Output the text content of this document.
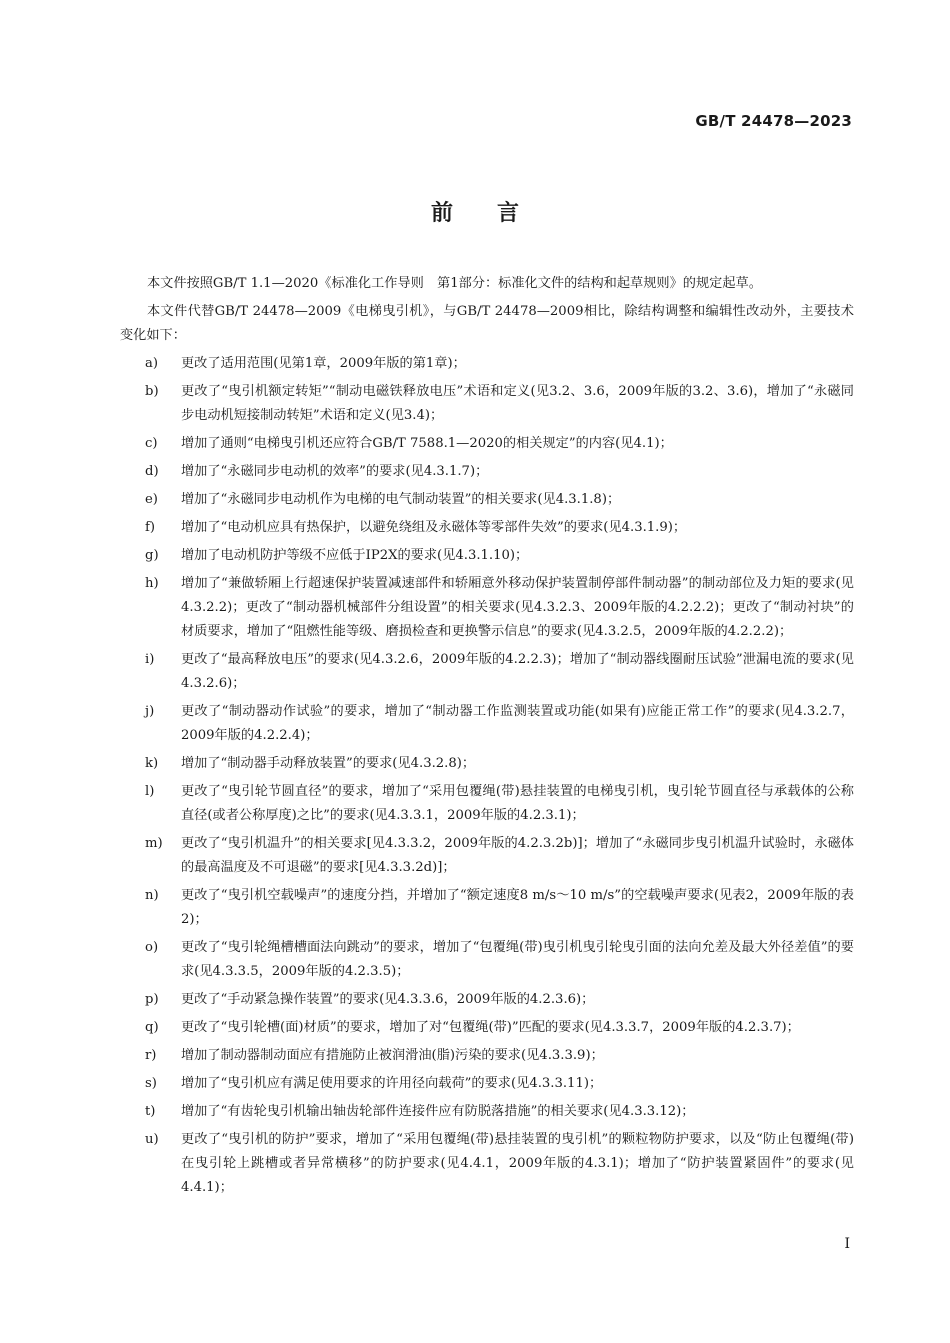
GB/T 24478—2023
前言

本文件按照GB/T 1.1—2020《标准化工作导则　第1部分：标准化文件的结构和起草规则》的规定起草。

本文件代替GB/T 24478—2009《电梯曳引机》，与GB/T 24478—2009相比，除结构调整和编辑性改动外，主要技术变化如下：

a) 更改了适用范围(见第1章，2009年版的第1章)；
b) 更改了“曳引机额定转矩”“制动电磁铁释放电压”术语和定义(见3.2、3.6，2009年版的3.2、3.6)，增加了“永磁同步电动机短接制动转矩”术语和定义(见3.4)；
c) 增加了通则“电梯曳引机还应符合GB/T 7588.1—2020的相关规定”的内容(见4.1)；
d) 增加了“永磁同步电动机的效率”的要求(见4.3.1.7)；
e) 增加了“永磁同步电动机作为电梯的电气制动装置”的相关要求(见4.3.1.8)；
f) 增加了“电动机应具有热保护，以避免绕组及永磁体等零部件失效”的要求(见4.3.1.9)；
g) 增加了电动机防护等级不应低于IP2X的要求(见4.3.1.10)；
h) 增加了“兼做轿厢上行超速保护装置减速部件和轿厢意外移动保护装置制停部件制动器”的制动部位及力矩的要求(见4.3.2.2)；更改了“制动器机械部件分组设置”的相关要求(见4.3.2.3、2009年版的4.2.2.2)；更改了“制动衬块”的材质要求，增加了“阻燃性能等级、磨损检查和更换警示信息”的要求(见4.3.2.5，2009年版的4.2.2.2)；
i) 更改了“最高释放电压”的要求(见4.3.2.6，2009年版的4.2.2.3)；增加了“制动器线圈耐压试验”泄漏电流的要求(见4.3.2.6)；
j) 更改了“制动器动作试验”的要求，增加了“制动器工作监测装置或功能(如果有)应能正常工作”的要求(见4.3.2.7，2009年版的4.2.2.4)；
k) 增加了“制动器手动释放装置”的要求(见4.3.2.8)；
l) 更改了“曳引轮节圆直径”的要求，增加了“采用包覆绳(带)悬挂装置的电梯曳引机，曳引轮节圆直径与承载体的公称直径(或者公称厚度)之比”的要求(见4.3.3.1，2009年版的4.2.3.1)；
m) 更改了“曳引机温升”的相关要求[见4.3.3.2，2009年版的4.2.3.2b)]；增加了“永磁同步曳引机温升试验时，永磁体的最高温度及不可退磁”的要求[见4.3.3.2d)]；
n) 更改了“曳引机空载噪声”的速度分挡，并增加了“额定速度8 m/s～10 m/s”的空载噪声要求(见表2，2009年版的表2)；
o) 更改了“曳引轮绳槽槽面法向跳动”的要求，增加了“包覆绳(带)曳引机曳引轮曳引面的法向允差及最大外径差值”的要求(见4.3.3.5，2009年版的4.2.3.5)；
p) 更改了“手动紧急操作装置”的要求(见4.3.3.6，2009年版的4.2.3.6)；
q) 更改了“曳引轮槽(面)材质”的要求，增加了对“包覆绳(带)”匹配的要求(见4.3.3.7，2009年版的4.2.3.7)；
r) 增加了制动器制动面应有措施防止被润滑油(脂)污染的要求(见4.3.3.9)；
s) 增加了“曳引机应有满足使用要求的许用径向载荷”的要求(见4.3.3.11)；
t) 增加了“有齿轮曳引机输出轴齿轮部件连接件应有防脱落措施”的相关要求(见4.3.3.12)；
u) 更改了“曳引机的防护”要求，增加了“采用包覆绳(带)悬挂装置的曳引机”的颗粒物防护要求，以及“防止包覆绳(带)在曳引轮上跳槽或者异常横移”的防护要求(见4.4.1，2009年版的4.3.1)；增加了“防护装置紧固件”的要求(见4.4.1)；
I
